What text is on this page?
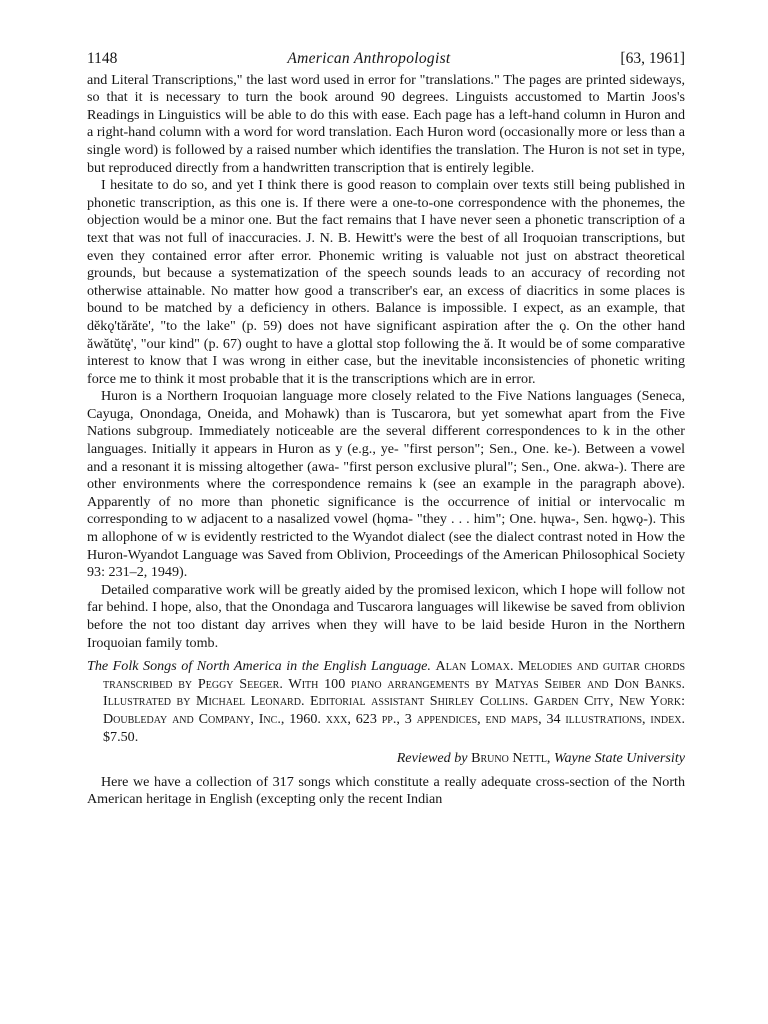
1148	American Anthropologist	[63, 1961]

and Literal Transcriptions," the last word used in error for "translations." The pages are printed sideways, so that it is necessary to turn the book around 90 degrees. Linguists accustomed to Martin Joos's Readings in Linguistics will be able to do this with ease. Each page has a left-hand column in Huron and a right-hand column with a word for word translation. Each Huron word (occasionally more or less than a single word) is followed by a raised number which identifies the translation. The Huron is not set in type, but reproduced directly from a handwritten transcription that is entirely legible.

I hesitate to do so, and yet I think there is good reason to complain over texts still being published in phonetic transcription, as this one is. If there were a one-to-one correspondence with the phonemes, the objection would be a minor one. But the fact remains that I have never seen a phonetic transcription of a text that was not full of inaccuracies. J. N. B. Hewitt's were the best of all Iroquoian transcriptions, but even they contained error after error. Phonemic writing is valuable not just on abstract theoretical grounds, but because a systematization of the speech sounds leads to an accuracy of recording not otherwise attainable. No matter how good a transcriber's ear, an excess of diacritics in some places is bound to be matched by a deficiency in others. Balance is impossible. I expect, as an example, that dĕkǫ'tărăte', "to the lake" (p. 59) does not have significant aspiration after the ǫ. On the other hand ăwătŭtę', "our kind" (p. 67) ought to have a glottal stop following the ă. It would be of some comparative interest to know that I was wrong in either case, but the inevitable inconsistencies of phonetic writing force me to think it most probable that it is the transcriptions which are in error.

Huron is a Northern Iroquoian language more closely related to the Five Nations languages (Seneca, Cayuga, Onondaga, Oneida, and Mohawk) than is Tuscarora, but yet somewhat apart from the Five Nations subgroup. Immediately noticeable are the several different correspondences to k in the other languages. Initially it appears in Huron as y (e.g., ye- "first person"; Sen., One. ke-). Between a vowel and a resonant it is missing altogether (awa- "first person exclusive plural"; Sen., One. akwa-). There are other environments where the correspondence remains k (see an example in the paragraph above). Apparently of no more than phonetic significance is the occurrence of initial or intervocalic m corresponding to w adjacent to a nasalized vowel (hǫma- "they . . . him"; One. hųwa-, Sen. hǫ̨wǫ-). This m allophone of w is evidently restricted to the Wyandot dialect (see the dialect contrast noted in How the Huron-Wyandot Language was Saved from Oblivion, Proceedings of the American Philosophical Society 93: 231–2, 1949).

Detailed comparative work will be greatly aided by the promised lexicon, which I hope will follow not far behind. I hope, also, that the Onondaga and Tuscarora languages will likewise be saved from oblivion before the not too distant day arrives when they will have to be laid beside Huron in the Northern Iroquoian family tomb.

The Folk Songs of North America in the English Language. Alan Lomax. Melodies and guitar chords transcribed by Peggy Seeger. With 100 piano arrangements by Matyas Seiber and Don Banks. Illustrated by Michael Leonard. Editorial assistant Shirley Collins. Garden City, New York: Doubleday and Company, Inc., 1960. xxx, 623 pp., 3 appendices, end maps, 34 illustrations, index. $7.50.
Reviewed by Bruno Nettl, Wayne State University

Here we have a collection of 317 songs which constitute a really adequate cross-section of the North American heritage in English (excepting only the recent Indian
